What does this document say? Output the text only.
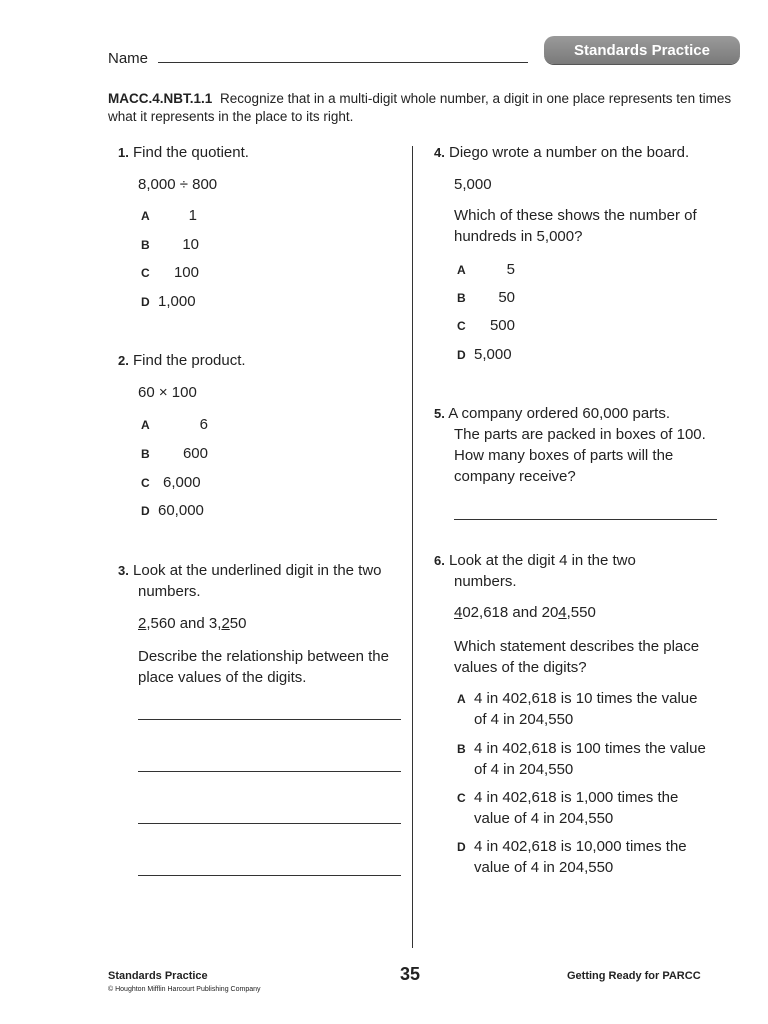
Name	Standards Practice
MACC.4.NBT.1.1 Recognize that in a multi-digit whole number, a digit in one place represents ten times what it represents in the place to its right.
1. Find the quotient.
8,000 ÷ 800
A	1
B 10
C 100
D 1,000
2. Find the product.
60 × 100
A	6
B 600
C 6,000
D 60,000
3. Look at the underlined digit in the two
numbers.
2,560 and 3,250
Describe the relationship between the
place values of the digits.
4. Diego wrote a number on the board.
5,000
Which of these shows the number of
hundreds in 5,000?
A	5
B 50
C 500
D 5,000
5. A company ordered 60,000 parts.
The parts are packed in boxes of 100.
How many boxes of parts will the
company receive?
6. Look at the digit 4 in the two
numbers.
402,618 and 204,550
Which statement describes the place
values of the digits?
A 4 in 402,618 is 10 times the value
of 4 in 204,550
B 4 in 402,618 is 100 times the value
of 4 in 204,550
C 4 in 402,618 is 1,000 times the
value of 4 in 204,550
D 4 in 402,618 is 10,000 times the
value of 4 in 204,550
Standards Practice
© Houghton Mifflin Harcourt Publishing Company
35	Getting Ready for PARCC
